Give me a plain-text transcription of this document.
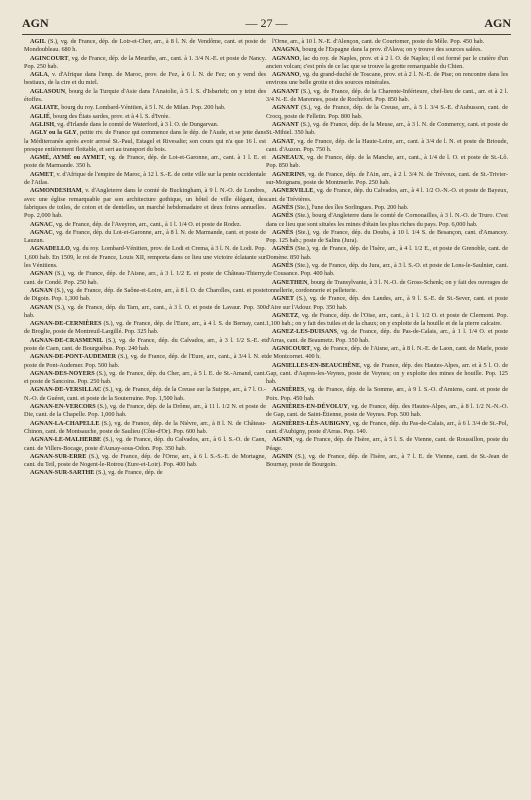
AGN	— 27 —	AGN

AGIL (S.), vg. de France, dép. de Loir-et-Cher, arr., à 8 l. N. de Vendôme, cant. et poste de Mondoubleau. 680 h.

AGINCOURT, vg. de France, dép. de la Meurthe, arr., cant. à 1. 3/4 N.-E. et poste de Nancy. Pop. 250 hab.

AGLA, v. d'Afrique dans l'emp. de Maroc, prov. de Fez, à 6 l. N. de Fez; on y vend des bestiaux, de la cire et du miel.

AGLASOUN, bourg de la Turquie d'Asie dans l'Anatolie, à 5 l. S. d'Isbarteh; on y teint des étoffes.

AGLIATE, bourg du roy. Lombard-Vénitien, à 5 l. N. de Milan. Pop. 200 hab.

AGLIÉ, bourg des États sardes, prov. et à 4 l. S. d'Ivrée.

AGLISH, vg. d'Irlande dans le comté de Waterford, à 3 l. O. de Dungarvan.

AGLY ou la GLY, petite riv. de France qui commence dans le dép. de l'Aude, et se jette dans la Méditerranée après avoir arrosé St.-Paul, Estagel et Rivesalte; son cours qui n'a que 16 l. est presque entièrement flottable, et sert au transport du bois.

AGMÉ, AYMÉ ou AYMET, vg. de France, dép. de Lot-et-Garonne, arr., cant. à 1 l. E. et poste de Marmande. 350 h.

AGMET, v. d'Afrique de l'empire de Maroc, à 12 l. S.-E. de cette ville sur la pente occidentale de l'Atlas.

AGMONDESHAM, v. d'Angleterre dans le comté de Buckingham, à 9 l. N.-O. de Londres, avec une église remarquable par son architecture gothique, un hôtel de ville élégant, des fabriques de toiles, de coton et de dentelles, un marché hebdomadaire et deux foires annuelles. Pop. 2,000 hab.

AGNAC, vg. de France, dép. de l'Aveyron, arr., cant., à 1 l. 1/4 O. et poste de Rodez.

AGNAC, vg. de France, dép. du Lot-et-Garonne, arr., à 8 l. N. de Marmande, cant. et poste de Lauzun.

AGNADELLO, vg. du roy. Lombard-Vénitien, prov. de Lodi et Crema, à 3 l. N. de Lodi. Pop. 1,600 hab. En 1509, le roi de France, Louis XII, remporta dans ce lieu une victoire éclatante sur les Vénitiens.

AGNAN (S.), vg. de France, dép. de l'Aisne, arr., à 3 l. 1/2 E. et poste de Château-Thierry, cant. de Condé. Pop. 250 hab.

AGNAN (S.), vg. de France, dép. de Saône-et-Loire, arr., à 8 l. O. de Charolles, cant. et poste de Digoin. Pop. 1,300 hab.

AGNAN (S.), vg. de France, dép. du Tarn, arr., cant., à 3 l. O. et poste de Lavaur. Pop. 300 hab.

AGNAN-DE-CERNIÈRES (S.), vg. de France, dép. de l'Eure, arr., à 4 l. S. de Bernay, cant. de Broglie, poste de Montreuil-Largillé. Pop. 325 hab.

AGNAN-DE-CRASMENIL (S.), vg. de France, dép. du Calvados, arr., à 3 l. 1/2 S.-E. et poste de Caen, cant. de Bourguébus. Pop. 240 hab.

AGNAN-DE-PONT-AUDEMER (S.), vg. de France, dép. de l'Eure, arr., cant., à 3/4 l. N. et poste de Pont-Audemer. Pop. 500 hab.

AGNAN-DES-NOYERS (S.), vg. de France, dép. du Cher, arr., à 5 l. E. de St.-Amand, cant. et poste de Sancoins. Pop. 250 hab.

AGNAN-DE-VERSILLAC (S.), vg. de France, dép. de la Creuse sur la Suippe, arr., à 7 l. O.-N.-O. de Guéret, cant. et poste de la Souterraine. Pop. 1,500 hab.

AGNAN-EN-VERCORS (S.), vg. de France, dép. de la Drôme, arr., à 11 l. 1/2 N. et poste de Die, cant. de la Chapelle. Pop. 1,000 hab.

AGNAN-LA-CHAPELLE (S.), vg. de France, dép. de la Nièvre, arr., à 8 l. N. de Château-Chinon, cant. de Montsauche, poste de Saulieu (Côte-d'Or). Pop. 600 hab.

AGNAN-LE-MALHERBE (S.), vg. de France, dép. du Calvados, arr., à 6 l. S.-O. de Caen, cant. de Villers-Bocage, poste d'Aunay-sous-Odon. Pop. 350 hab.

AGNAN-SUR-ERRE (S.), vg. de France, dép. de l'Orne, arr., à 6 l. S.-S.-E. de Mortagne, cant. du Teil, poste de Nogent-le-Rotrou (Eure-et-Loir). Pop. 400 hab.

AGNAN-SUR-SARTHE (S.), vg. de France, dép. de

l'Orne, arr., à 10 l. N.-E. d'Alençon, cant. de Courtomer, poste du Mêle. Pop. 450 hab.

ANAGNA, bourg de l'Espagne dans la prov. d'Alava; on y trouve des sources salées.

AGNANO, lac du roy. de Naples, prov. et à 2 l. O. de Naples; il est formé par le cratère d'un ancien volcan; c'est près de ce lac que se trouve la grotte remarquable du Chien.

AGNANO, vg. du grand-duché de Toscane, prov. et à 2 l. N.-E. de Pise; on rencontre dans les environs une belle grotte et des sources minérales.

AGNANT (S.), vg. de France, dép. de la Charente-Inférieure, chef-lieu de cant., arr. et à 2 l. 3/4 N.-E. de Marennes, poste de Rochefort. Pop. 850 hab.

AGNANT (S.), vg. de France, dép. de la Creuse, arr., à 5 l. 3/4 S.-E. d'Aubusson, cant. de Crocq, poste de Felletin. Pop. 800 hab.

AGNANT (S.), vg. de France, dép. de la Meuse, arr., à 3 l. N. de Commercy, cant. et poste de St.-Mihiel. 350 hab.

AGNAT, vg. de France, dép. de la Haute-Loire, arr., cant. à 3/4 de l. N. et poste de Brioude, cant. d'Auzon. Pop. 750 h.

AGNEAUX, vg. de France, dép. de la Manche, arr., cant., à 1/4 de l. O. et poste de St.-Lô. Pop. 850 hab.

AGNERINS, vg. de France, dép. de l'Ain, arr., à 2 l. 3/4 N. de Trévoux, cant. de St.-Trivier-sur-Moignans, poste de Montmerle. Pop. 250 hab.

AGNERVILLE, vg. de France, dép. du Calvados, arr., à 4 l. 1/2 O.-N.-O. et poste de Bayeux, cant. de Trévières.

AGNÈS (Ste.), l'une des îles Sorlingues. Pop. 200 hab.

AGNÈS (Ste.), bourg d'Angleterre dans le comté de Cornouailles, à 3 l. N.-O. de Truro. C'est dans ce lieu que sont situées les mines d'étain les plus riches du pays. Pop. 6,000 hab.

AGNÈS (Ste.), vg. de France, dép. du Doubs, à 10 l. 1/4 S. de Besançon, cant. d'Amancey. Pop. 125 hab.; poste de Salins (Jura).

AGNÈS (Ste.), vg. de France, dép. de l'Isère, arr., à 4 l. 1/2 E., et poste de Grenoble, cant. de Domène. 850 hab.

AGNÈS (Ste.), vg. de France, dép. du Jura, arr., à 3 l. S.-O. et poste de Lons-le-Saulnier, cant. de Cousance. Pop. 400 hab.

AGNETHEN, bourg de Transylvanie, à 3 l. N.-O. de Gross-Schenk; on y fait des ouvrages de tonnellerie, cordonnerie et pelleterie.

AGNET (S.), vg. de France, dép. des Landes, arr., à 9 l. S.-E. de St.-Sever, cant. et poste d'Aire sur l'Adour. Pop. 350 hab.

AGNETZ, vg. de France, dép. de l'Oise, arr., cant., à 1 l. 1/2 O. et poste de Clermont. Pop. 1,100 hab.; on y fait des tuiles et de la chaux; on y exploite de la houille et de la pierre calcaire.

AGNEZ-LES-DUISANS, vg. de France, dép. du Pas-de-Calais, arr., à 1 l. 1/4 O. et poste d'Arras, cant. de Beaumetz. Pop. 350 hab.

AGNICOURT, vg. de France, dép. de l'Aisne, arr., à 8 l. N.-E. de Laon, cant. de Marle, poste de Montcornet. 400 h.

AGNIELLES-EN-BEAUCHÊNE, vg. de France, dép. des Hautes-Alpes, arr. et à 5 l. O. de Gap, cant. d'Aspres-les-Veynes, poste de Veynes; on y exploite des mines de houille. Pop. 125 hab.

AGNIÈRES, vg. de France, dép. de la Somme, arr., à 9 l. S.-O. d'Amiens, cant. et poste de Poix. Pop. 450 hab.

AGNIÈRES-EN-DÉVOLUY, vg. de France, dép. des Hautes-Alpes, arr., à 8 l. 1/2 N.-N.-O. de Gap, cant. de Saint-Étienne, poste de Veynes. Pop. 500 hab.

AGNIÈRES-LÈS-AUBIGNY, vg. de France, dép. du Pas-de-Calais, arr., à 6 l. 3/4 de St.-Pol, cant. d'Aubigny, poste d'Arras. Pop. 140.

AGNIN, vg. de France, dép. de l'Isère, arr., à 5 l. S. de Vienne, cant. de Roussillon, poste du Péage.

AGNIN (S.), vg. de France, dép. de l'Isère, arr., à 7 l. E. de Vienne, cant. de St.-Jean de Bournay, poste de Bourgoin.
